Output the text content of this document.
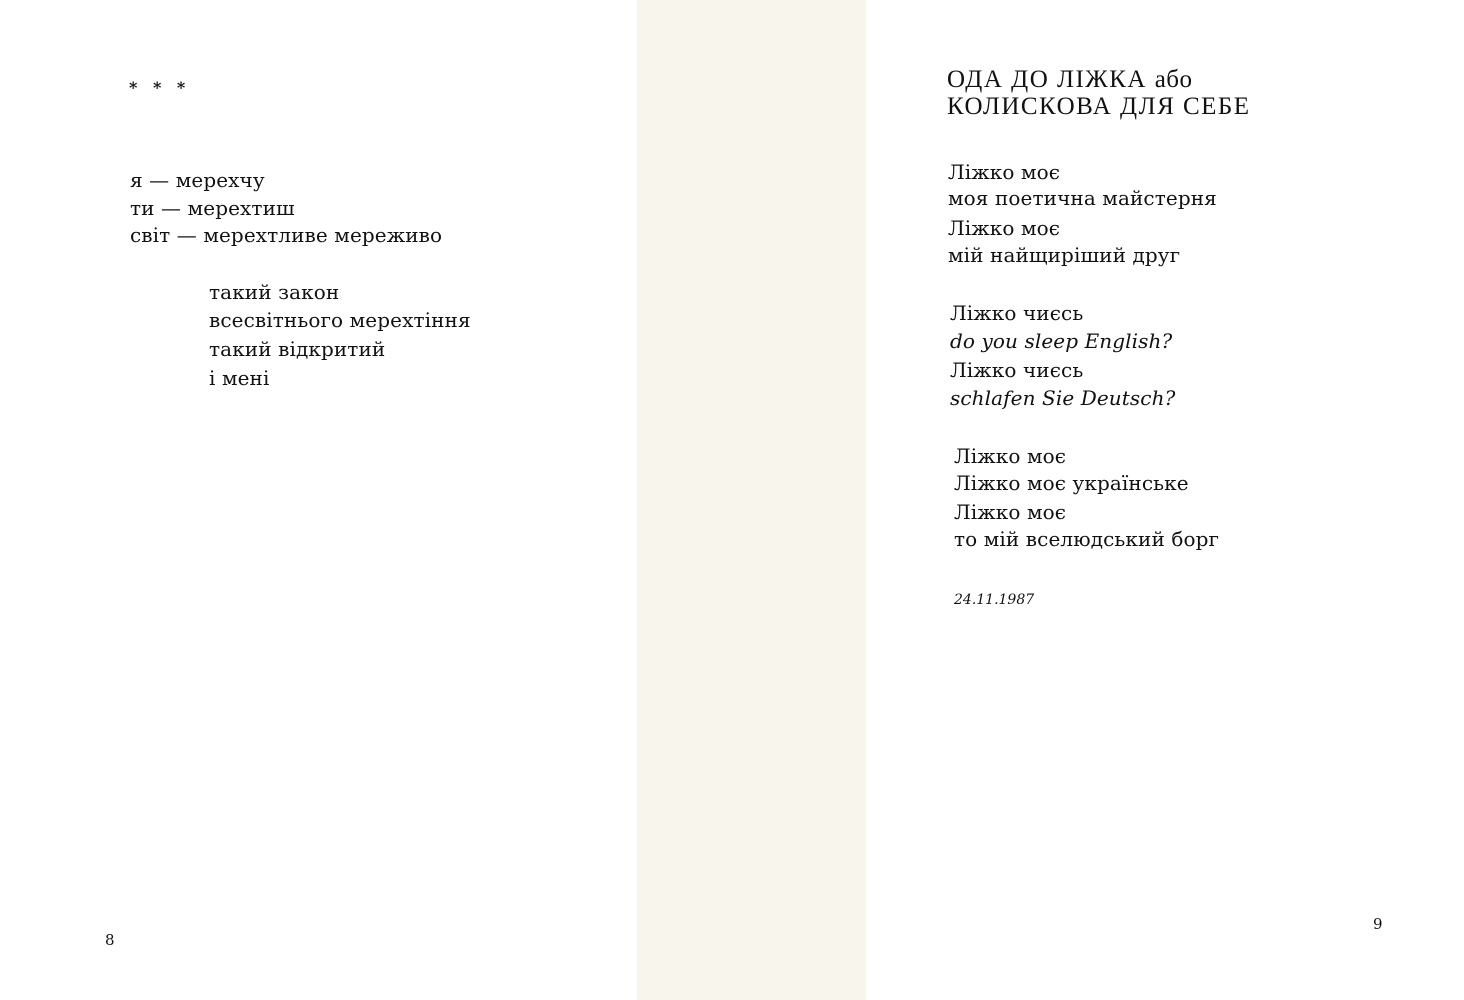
* * *
я — мерехчу
ти — мерехтиш
світ — мерехтливе мереживо
такий закон
всесвітнього мерехтіння
такий відкритий
і мені
8
ОДА ДО ЛІЖКА або
КОЛИСКОВА ДЛЯ СЕБЕ
Ліжко моє
моя поетична майстерня
Ліжко моє
мій найщиріший друг
Ліжко чиєсь
do you sleep English?
Ліжко чиєсь
schlafen Sie Deutsch?
Ліжко моє
Ліжко моє українське
Ліжко моє
то мій вселюдський борг
24.11.1987
9
